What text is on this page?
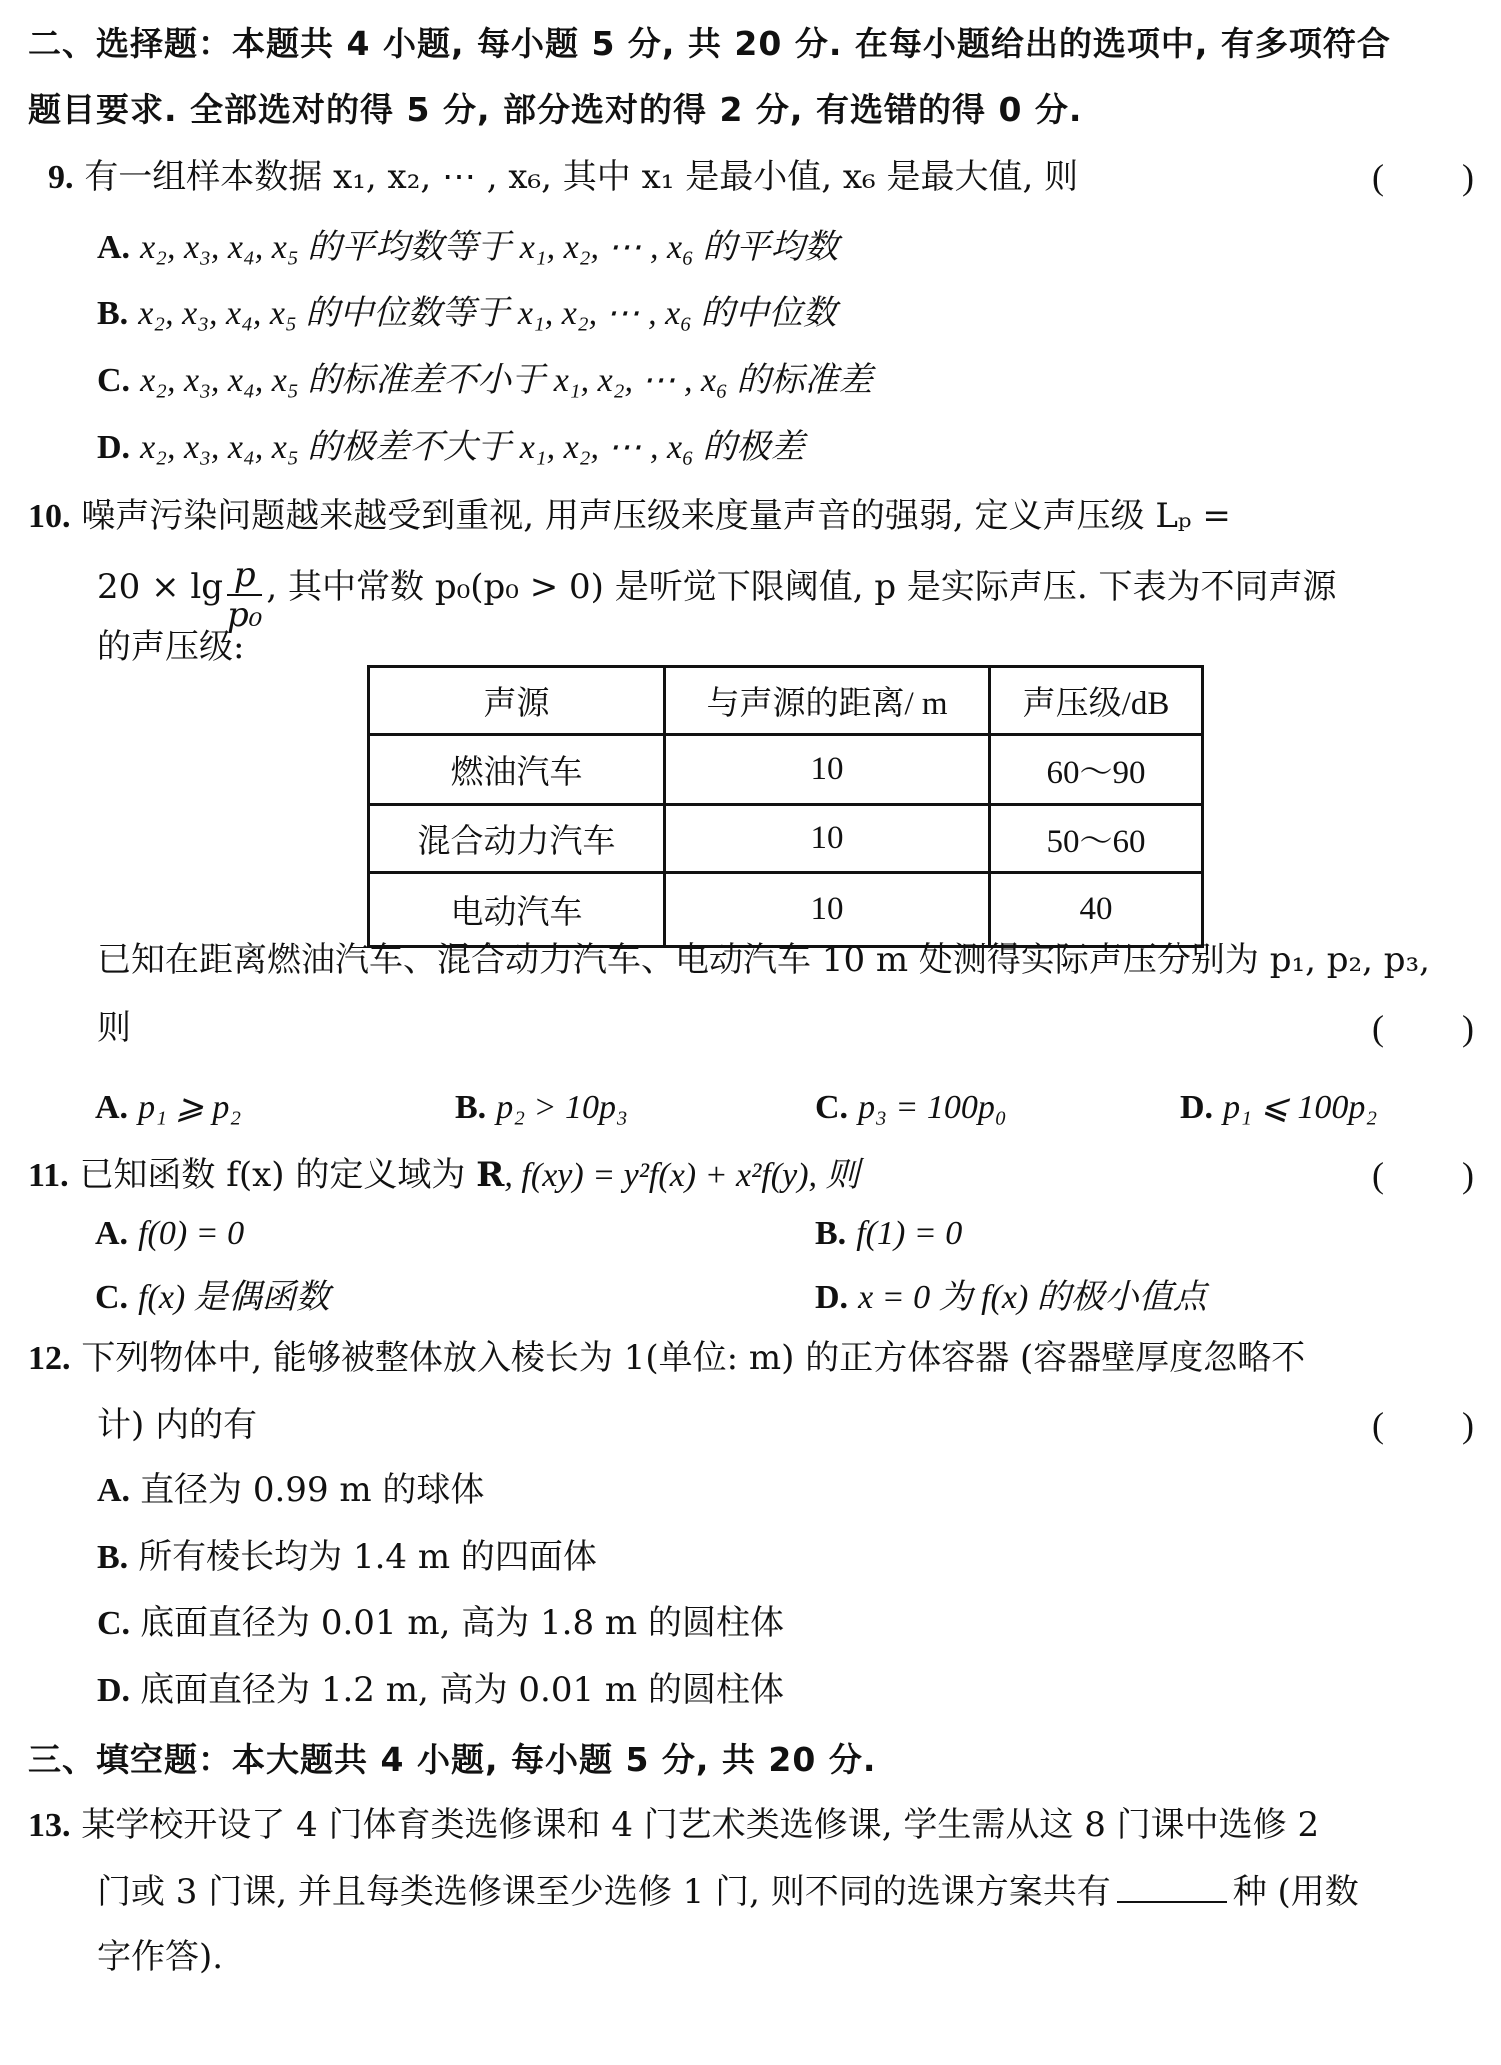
二、选择题：本题共 4 小题, 每小题 5 分, 共 20 分. 在每小题给出的选项中, 有多项符合
题目要求. 全部选对的得 5 分, 部分选对的得 2 分, 有选错的得 0 分.
9. 有一组样本数据 x₁, x₂, ⋯ , x₆, 其中 x₁ 是最小值, x₆ 是最大值, 则	( )
A. x₂, x₃, x₄, x₅ 的平均数等于 x₁, x₂, ⋯ , x₆ 的平均数
B. x₂, x₃, x₄, x₅ 的中位数等于 x₁, x₂, ⋯ , x₆ 的中位数
C. x₂, x₃, x₄, x₅ 的标准差不小于 x₁, x₂, ⋯ , x₆ 的标准差
D. x₂, x₃, x₄, x₅ 的极差不大于 x₁, x₂, ⋯ , x₆ 的极差
10. 噪声污染问题越来越受到重视, 用声压级来度量声音的强弱, 定义声压级 Lₚ =
$20 \times \lg \frac{p}{\text{p₀}}$ , 其中常数 p₀(p₀ > 0) 是听觉下限阈值, p 是实际声压. 下表为不同声源
的声压级:
声源	与声源的距离/ m	声压级/dB
燃油汽车	10	60～90
混合动力汽车	10	50～60
电动汽车	10	40
已知在距离燃油汽车、混合动力汽车、电动汽车 10 m 处测得实际声压分别为 p₁, p₂, p₃,
则	( )
A. p₁ ⩾ p₂	B. p₂ > 10p₃	C. p₃ = 100p₀	D. p₁ ⩽ 100p₂
11. 已知函数 f(x) 的定义域为 R, f(xy) = y²f(x) + x²f(y), 则	( )
A. f(0) = 0	B. f(1) = 0
C. f(x) 是偶函数	D. x = 0 为 f(x) 的极小值点
12. 下列物体中, 能够被整体放入棱长为 1(单位: m) 的正方体容器 (容器壁厚度忽略不
计) 内的有	( )
A. 直径为 0.99 m 的球体
B. 所有棱长均为 1.4 m 的四面体
C. 底面直径为 0.01 m, 高为 1.8 m 的圆柱体
D. 底面直径为 1.2 m, 高为 0.01 m 的圆柱体
三、填空题：本大题共 4 小题, 每小题 5 分, 共 20 分.
13. 某学校开设了 4 门体育类选修课和 4 门艺术类选修课, 学生需从这 8 门课中选修 2
门或 3 门课, 并且每类选修课至少选修 1 门, 则不同的选课方案共有	种 (用数
字作答).
